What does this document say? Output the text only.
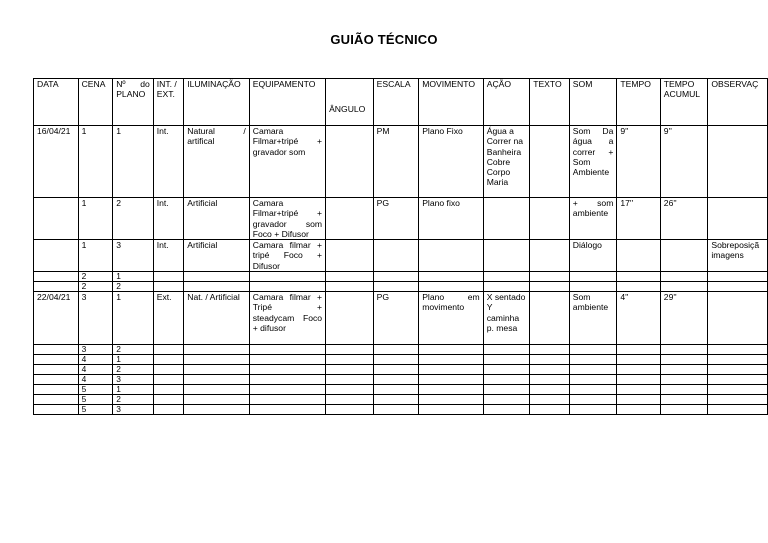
GUIÃO TÉCNICO
DATA	CENA	Nº do PLANO	INT. / EXT.	ILUMINAÇÃO	EQUIPAMENTO	ÂNGULO	ESCALA	MOVIMENTO	AÇÃO	TEXTO	SOM	TEMPO	TEMPO ACUMUL	OBSERVAÇ
16/04/21	1	1	Int.	Natural / artifical	Camara Filmar+tripé + gravador som		PM	Plano Fixo	Água a Correr na Banheira Cobre Corpo Maria		Som Da água a correr + Som Ambiente	9''	9''	
	1	2	Int.	Artificial	Camara Filmar+tripé + gravador som Foco + Difusor		PG	Plano fixo			+ som ambiente	17''	26''	
	1	3	Int.	Artificial	Camara filmar + tripé Foco + Difusor						Diálogo			Sobreposiçã imagens
	2	1												
	2	2												
22/04/21	3	1	Ext.	Nat. / Artificial	Camara filmar + Tripé + steadycam Foco + difusor		PG	Plano em movimento	X sentado Y caminha p. mesa		Som ambiente	4''	29''	
	3	2												
	4	1												
	4	2												
	4	3												
	5	1												
	5	2												
	5	3												
